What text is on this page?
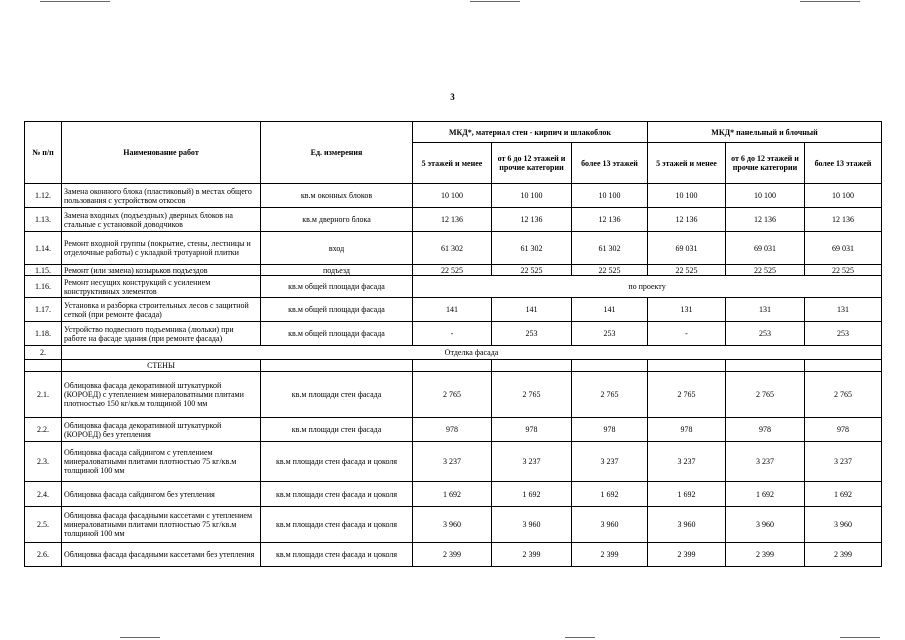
3
№ п/п	Наименование работ	Ед. измерения	МКД*, материал стен - кирпич и шлакоблок			МКД* панельный и блочный		
			5 этажей и менее	от 6 до 12 этажей и прочие категории	более 13 этажей	5 этажей и менее	от 6 до 12 этажей и прочие категории	более 13 этажей
1.12.	Замена оконного блока (пластиковый) в местах общего пользования с устройством откосов	кв.м оконных блоков	10 100	10 100	10 100	10 100	10 100	10 100
1.13.	Замена входных (подъездных) дверных блоков на стальные с установкой доводчиков	кв.м дверного блока	12 136	12 136	12 136	12 136	12 136	12 136
1.14.	Ремонт входной группы (покрытие, стены, лестницы и отделочные работы) с укладкой тротуарной плитки	вход	61 302	61 302	61 302	69 031	69 031	69 031
1.15.	Ремонт (или замена) козырьков подъездов	подъезд	22 525	22 525	22 525	22 525	22 525	22 525
1.16.	Ремонт несущих конструкций с усилением конструктивных элементов	кв.м общей площади фасада	по проекту					
1.17.	Установка и разборка строительных лесов с защитной сеткой (при ремонте фасада)	кв.м общей площади фасада	141	141	141	131	131	131
1.18.	Устройство подвесного подъемника (люльки) при работе на фасаде здания (при ремонте фасада)	кв.м общей площади фасада	-	253	253	-	253	253
2.	Отделка фасада							
	СТЕНЫ							
2.1.	Облицовка фасада декоративной штукатуркой (КОРОЕД) с утеплением минераловатными плитами плотностью 150 кг/кв.м толщиной 100 мм	кв.м площади стен фасада	2 765	2 765	2 765	2 765	2 765	2 765
2.2.	Облицовка фасада декоративной штукатуркой (КОРОЕД) без утепления	кв.м площади стен фасада	978	978	978	978	978	978
2.3.	Облицовка фасада сайдингом с утеплением минераловатными плитами плотностью 75 кг/кв.м толщиной 100 мм	кв.м площади стен фасада и цоколя	3 237	3 237	3 237	3 237	3 237	3 237
2.4.	Облицовка фасада сайдингом без утепления	кв.м площади стен фасада и цоколя	1 692	1 692	1 692	1 692	1 692	1 692
2.5.	Облицовка фасада фасадными кассетами с утеплением минераловатными плитами плотностью 75 кг/кв.м толщиной 100 мм	кв.м площади стен фасада и цоколя	3 960	3 960	3 960	3 960	3 960	3 960
2.6.	Облицовка фасада фасадными кассетами без утепления	кв.м площади стен фасада и цоколя	2 399	2 399	2 399	2 399	2 399	2 399
